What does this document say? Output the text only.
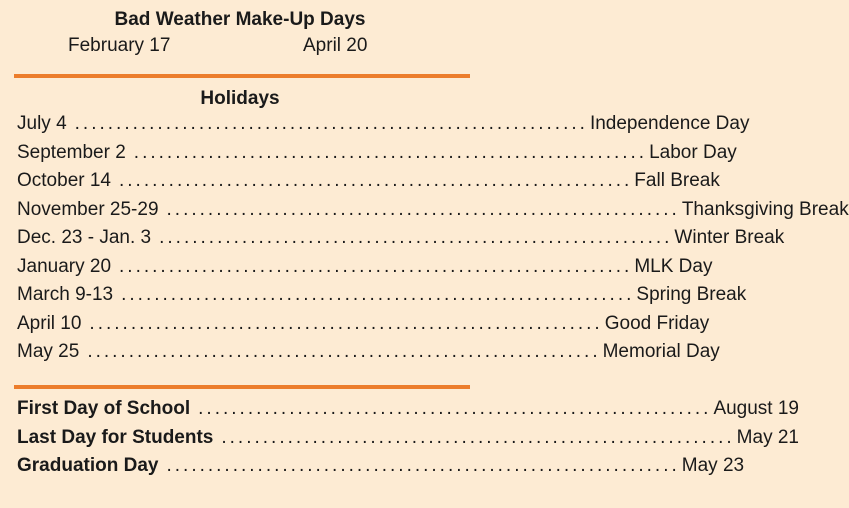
Bad Weather Make-Up Days
February 17	April 20
Holidays
July 4 .............................................................. Independence Day
September 2 .............................................................. Labor Day
October 14 .............................................................. Fall Break
November 25-29 .............................................................. Thanksgiving Break
Dec. 23 - Jan. 3 .............................................................. Winter Break
January 20 .............................................................. MLK Day
March 9-13 .............................................................. Spring Break
April 10 .............................................................. Good Friday
May 25 .............................................................. Memorial Day
First Day of School .............................................................. August 19
Last Day for Students .............................................................. May 21
Graduation Day .............................................................. May 23
